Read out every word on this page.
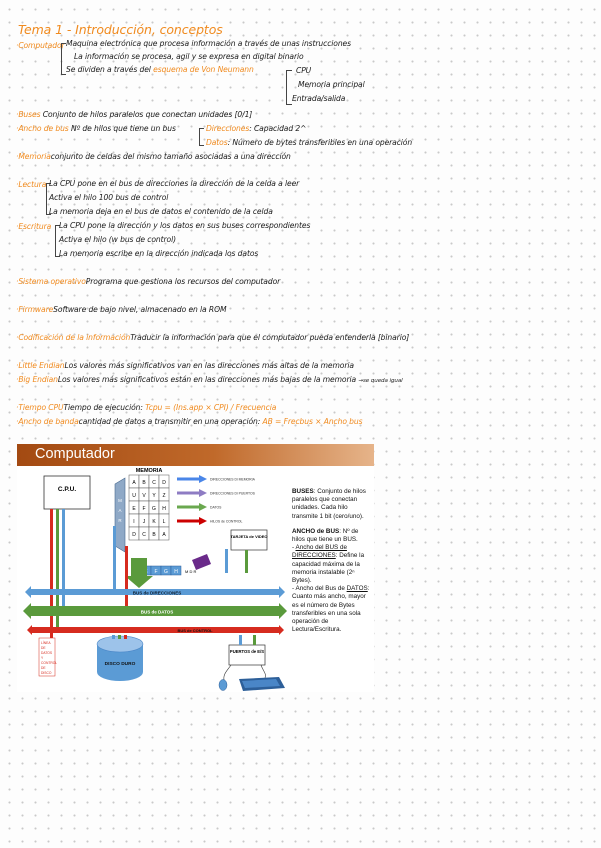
Tema 1 - Introducción, conceptos
·Computador Maquina electrónica que procesa información a través de unas instrucciones
La información se procesa, agil y se expresa en digital binario
Se dividen a través del esquema de Von Neumann	CPU
Memoria principal
Entrada/salida
·Buses Conjunto de hilos paralelos que conectan unidades [0/1]
·Ancho de bus Nº de hilos que tiene un bus	Direcciones: Capacidad 2^
Datos: Número de bytes transferibles en una operación
·Memoriaconjunto de celdas del mismo tamaño asociadas a una dirección
·Lectura La CPU pone en el bus de direcciones la dirección de la celda a leer
Activa el hilo 100 bus de control
La memoria deja en el bus de datos el contenido de la celda
·Escritura La CPU pone la dirección y los datos en sus buses correspondientes
Activa el hilo (w bus de control)
La memoria escribe en la dirección indicada los datos
·Sistema operativoPrograma que gestiona los recursos del computador
·FirmwareSoftware de bajo nivel, almacenado en la ROM
·Codificación de la informaciónTraducir la información para que el computador pueda entenderla [binario]
·Little EndianLos valores más significativos van en las direcciones más altas de la memoria
·Big EndianLos valores más significativos están en las direcciones más bajas de la memoria →se queda igual
·Tiempo CPUTiempo de ejecución: Tcpu = (Ins.app × CPI) / Frecuencia
·Ancho de bandacantidad de datos a transmitir en una operación: AB = Frecbus × Ancho bus
Computador
C.P.U.
M
A
R
MEMORIA
A B C D
U V Y Z
E F G H
I J K L
D C B A
F G H M D R
DIRECCIONES Di MEMORIA
DIRECCIONES Di PUERTOS
DATOS
HILOS de CONTROL
TARJETA de VIDEO
BUS de DIRECCIONES
BUS de DATOS
BUS de CONTROL
LÍNEA
DE
DATOS
Y
CONTROL
DE
DISCO
DISCO DURO
PUERTOS de E/S
BUSES: Conjunto de hilos paralelos que conectan unidades. Cada hilo transmite 1 bit (cero/uno).
ANCHO de BUS: Nº de hilos que tiene un BUS.
- Ancho del BUS de DIRECCIONES: Define la capacidad máxima de la memoria instalable (2ⁿ Bytes).
- Ancho del Bus de DATOS: Cuanto más ancho, mayor es el número de Bytes transferibles en una sola operación de Lectura/Escritura.
